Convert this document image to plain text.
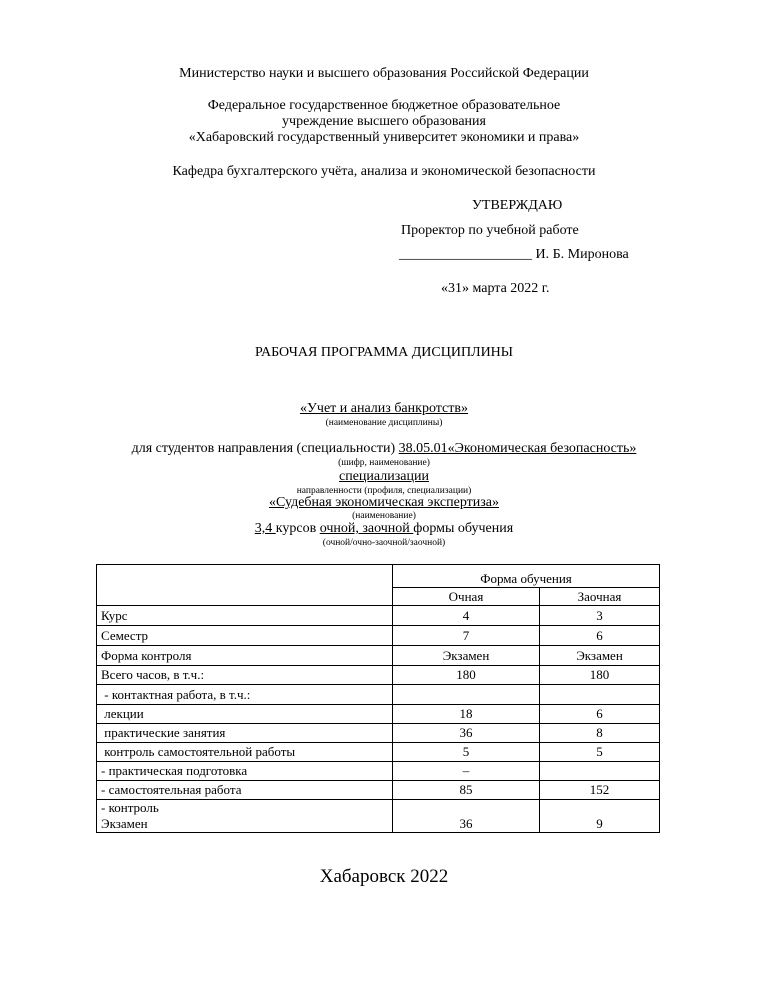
Министерство науки и высшего образования Российской Федерации
Федеральное государственное бюджетное образовательное
учреждение высшего образования
«Хабаровский государственный университет экономики и права»
Кафедра бухгалтерского учёта, анализа и экономической безопасности
УТВЕРЖДАЮ
Проректор по учебной работе
___________________ И. Б. Миронова
«31» марта 2022 г.
РАБОЧАЯ ПРОГРАММА ДИСЦИПЛИНЫ
«Учет и анализ банкротств»
(наименование дисциплины)
для студентов направления (специальности) 38.05.01«Экономическая безопасность»
(шифр, наименование)
специализации
направленности (профиля, специализации)
«Судебная экономическая экспертиза»
(наименование)
3,4 курсов очной, заочной формы обучения
(очной/очно-заочной/заочной)
	Форма обучения	
	Очная	Заочная
Курс	4	3
Семестр	7	6
Форма контроля	Экзамен	Экзамен
Всего часов, в т.ч.:	180	180
- контактная работа, в т.ч.:		
лекции	18	6
практические занятия	36	8
контроль самостоятельной работы	5	5
- практическая подготовка	–	
- самостоятельная работа	85	152

- контроль
Экзамен	36	9
Хабаровск 2022
